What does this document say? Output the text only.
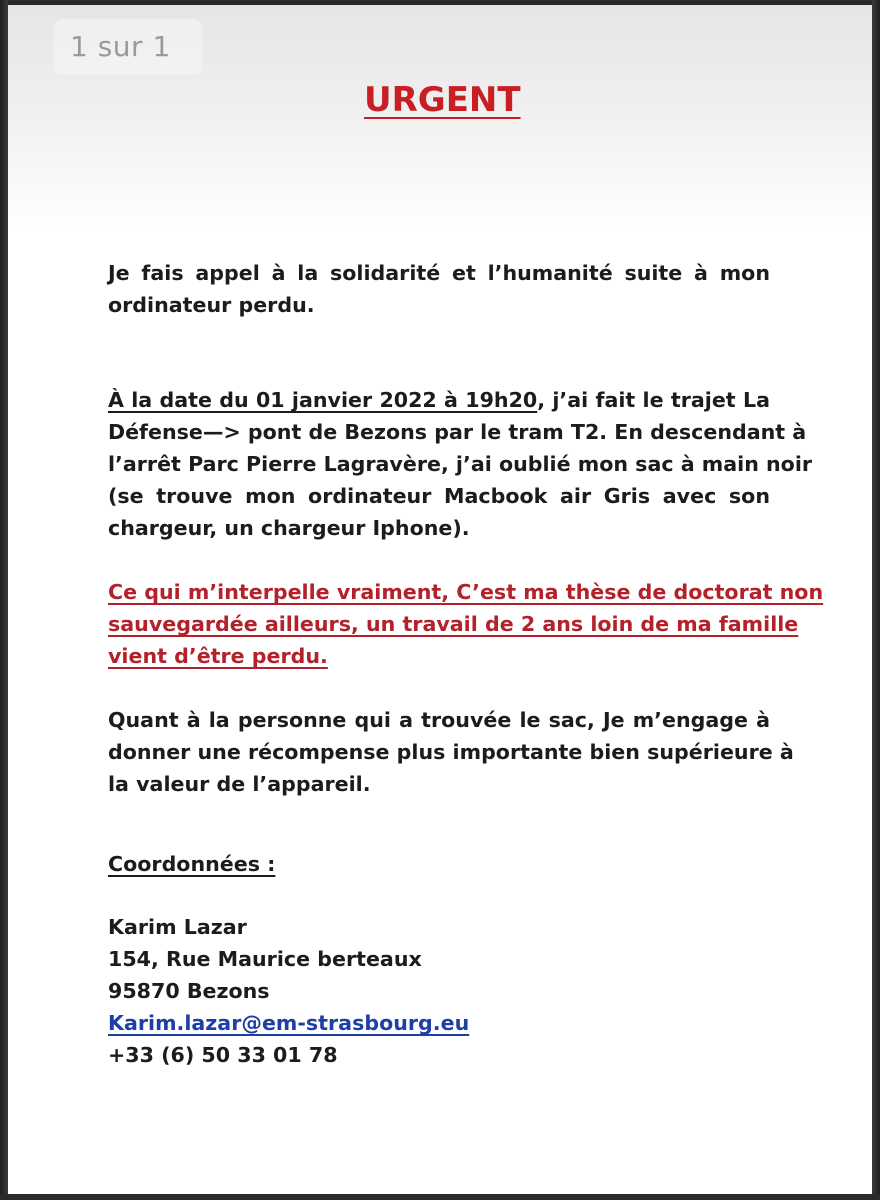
1 sur 1
URGENT
Je fais appel à la solidarité et l’humanité suite à mon
ordinateur perdu.
À la date du 01 janvier 2022 à 19h20, j’ai fait le trajet La
Défense—> pont de Bezons par le tram T2. En descendant à
l’arrêt Parc Pierre Lagravère, j’ai oublié mon sac à main noir
(se trouve mon ordinateur Macbook air Gris avec son
chargeur, un chargeur Iphone).
Ce qui m’interpelle vraiment, C’est ma thèse de doctorat non
sauvegardée ailleurs, un travail de 2 ans loin de ma famille
vient d’être perdu.
Quant à la personne qui a trouvée le sac, Je m’engage à
donner une récompense plus importante bien supérieure à
la valeur de l’appareil.
Coordonnées :
Karim Lazar
154, Rue Maurice berteaux
95870 Bezons
Karim.lazar@em-strasbourg.eu
+33 (6) 50 33 01 78
